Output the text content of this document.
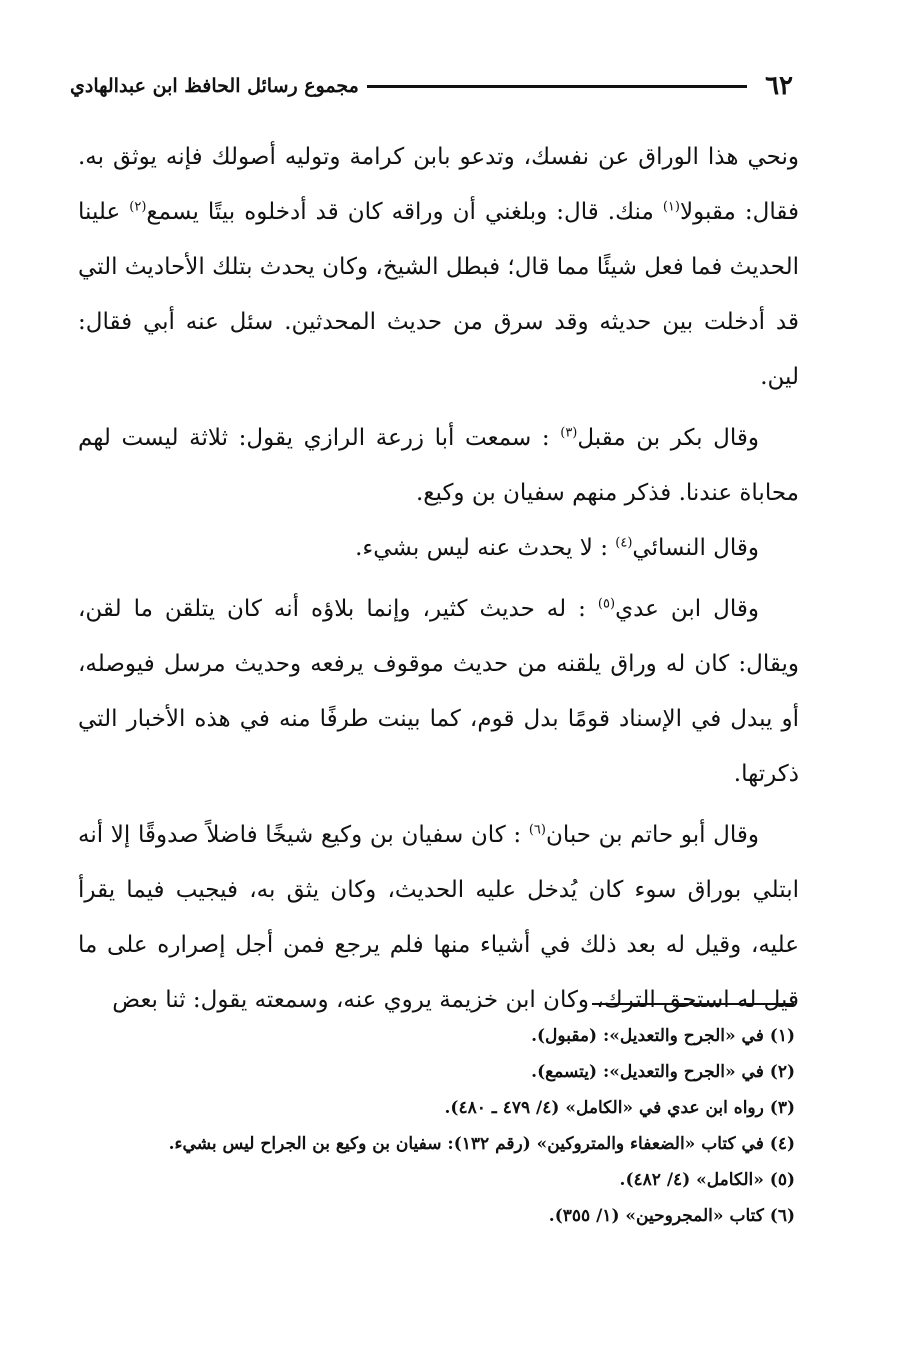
٦٢
مجموع رسائل الحافظ ابن عبدالهادي

ونحي هذا الوراق عن نفسك، وتدعو بابن كرامة وتوليه أصولك فإنه يوثق به. فقال: مقبولا$^{(١)}$ منك. قال: وبلغني أن وراقه كان قد أدخلوه بيتًا يسمع$^{(٢)}$ علينا الحديث فما فعل شيئًا مما قال؛ فبطل الشيخ، وكان يحدث بتلك الأحاديث التي قد أدخلت بين حديثه وقد سرق من حديث المحدثين. سئل عنه أبي فقال: لين.

وقال بكر بن مقبل$^{(٣)}$ : سمعت أبا زرعة الرازي يقول: ثلاثة ليست لهم محاباة عندنا. فذكر منهم سفيان بن وكيع.

وقال النسائي$^{(٤)}$ : لا يحدث عنه ليس بشيء.

وقال ابن عدي$^{(٥)}$ : له حديث كثير، وإنما بلاؤه أنه كان يتلقن ما لقن، ويقال: كان له وراق يلقنه من حديث موقوف يرفعه وحديث مرسل فيوصله، أو يبدل في الإسناد قومًا بدل قوم، كما بينت طرفًا منه في هذه الأخبار التي ذكرتها.

وقال أبو حاتم بن حبان$^{(٦)}$ : كان سفيان بن وكيع شيخًا فاضلاً صدوقًا إلا أنه ابتلي بوراق سوء كان يُدخل عليه الحديث، وكان يثق به، فيجيب فيما يقرأ عليه، وقيل له بعد ذلك في أشياء منها فلم يرجع فمن أجل إصراره على ما قيل له استحق الترك، وكان ابن خزيمة يروي عنه، وسمعته يقول: ثنا بعض

(١) في «الجرح والتعديل»: (مقبول).

(٢) في «الجرح والتعديل»: (يتسمع).

(٣) رواه ابن عدي في «الكامل» (٤/ ٤٧٩ ـ ٤٨٠).

(٤) في كتاب «الضعفاء والمتروكين» (رقم ١٣٢): سفيان بن وكيع بن الجراح ليس بشيء.

(٥) «الكامل» (٤/ ٤٨٢).

(٦) كتاب «المجروحين» (١/ ٣٥٥).
